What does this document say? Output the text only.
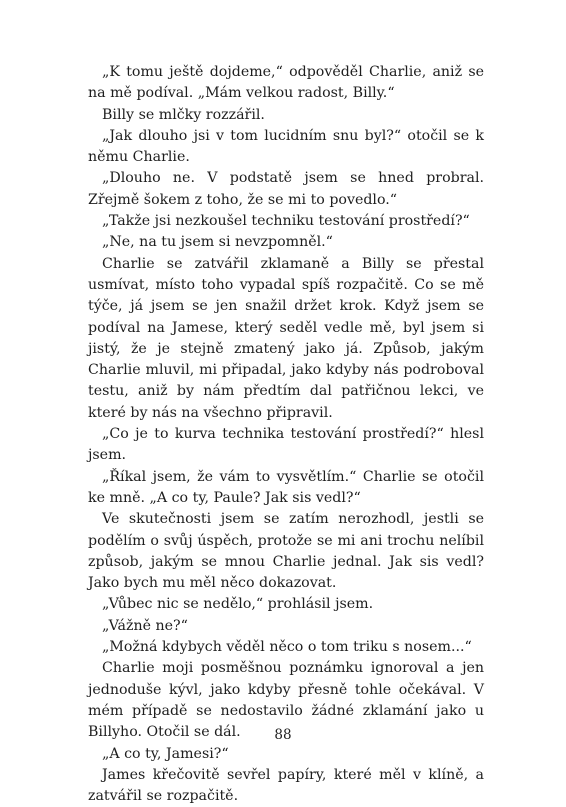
„K tomu ještě dojdeme,“ odpověděl Charlie, aniž se na mě podíval. „Mám velkou radost, Billy.“

Billy se mlčky rozzářil.

„Jak dlouho jsi v tom lucidním snu byl?“ otočil se k němu Charlie.

„Dlouho ne. V podstatě jsem se hned probral. Zřejmě šokem z toho, že se mi to povedlo.“

„Takže jsi nezkoušel techniku testování prostředí?“

„Ne, na tu jsem si nevzpomněl.“

Charlie se zatvářil zklamaně a Billy se přestal usmívat, místo toho vypadal spíš rozpačitě. Co se mě týče, já jsem se jen snažil držet krok. Když jsem se podíval na Jamese, který seděl vedle mě, byl jsem si jistý, že je stejně zmatený jako já. Způsob, jakým Charlie mluvil, mi připadal, jako kdyby nás podroboval testu, aniž by nám předtím dal patřičnou lekci, ve které by nás na všechno připravil.

„Co je to kurva technika testování prostředí?“ hlesl jsem.

„Říkal jsem, že vám to vysvětlím.“ Charlie se otočil ke mně. „A co ty, Paule? Jak sis vedl?“

Ve skutečnosti jsem se zatím nerozhodl, jestli se podělím o svůj úspěch, protože se mi ani trochu nelíbil způsob, jakým se mnou Charlie jednal. Jak sis vedl? Jako bych mu měl něco dokazovat.

„Vůbec nic se nedělo,“ prohlásil jsem.

„Vážně ne?“

„Možná kdybych věděl něco o tom triku s nosem...“

Charlie moji posměšnou poznámku ignoroval a jen jednoduše kývl, jako kdyby přesně tohle očekával. V mém případě se nedostavilo žádné zklamání jako u Billyho. Otočil se dál.

„A co ty, Jamesi?“

James křečovitě sevřel papíry, které měl v klíně, a zatvářil se rozpačitě.

88
